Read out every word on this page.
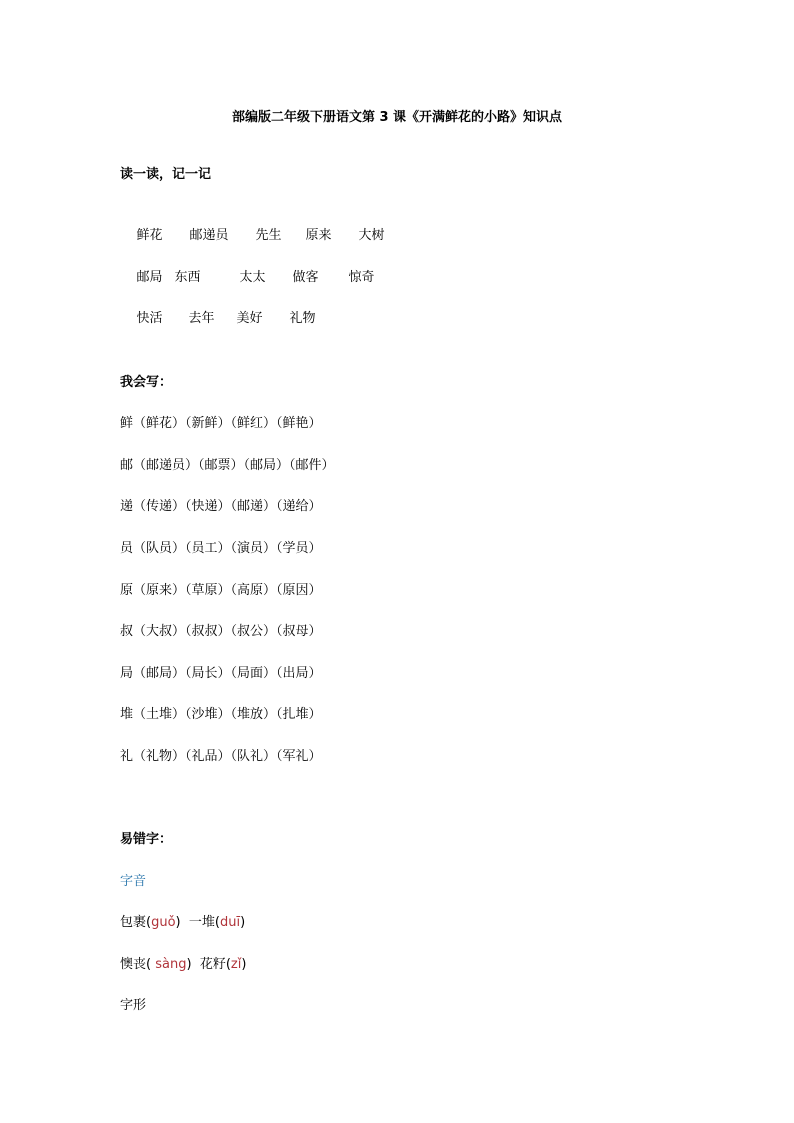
部编版二年级下册语文第 3 课《开满鲜花的小路》知识点
读一读，记一记

鲜花 邮递员 先生 原来 大树

邮局 东西	太太 做客 惊奇

快活 去年 美好 礼物

我会写：
鲜（鲜花）（新鲜）（鲜红）（鲜艳）
邮（邮递员）（邮票）（邮局）（邮件）
递（传递）（快递）（邮递）（递给）
员（队员）（员工）（演员）（学员）
原（原来）（草原）（高原）（原因）
叔（大叔）（叔叔）（叔公）（叔母）
局（邮局）（局长）（局面）（出局）
堆（土堆）（沙堆）（堆放）（扎堆）
礼（礼物）（礼品）（队礼）（军礼）
易错字：
字音
包裹(guǒ)  一堆(duī)
懊丧( sàng)  花籽(zǐ)
字形
